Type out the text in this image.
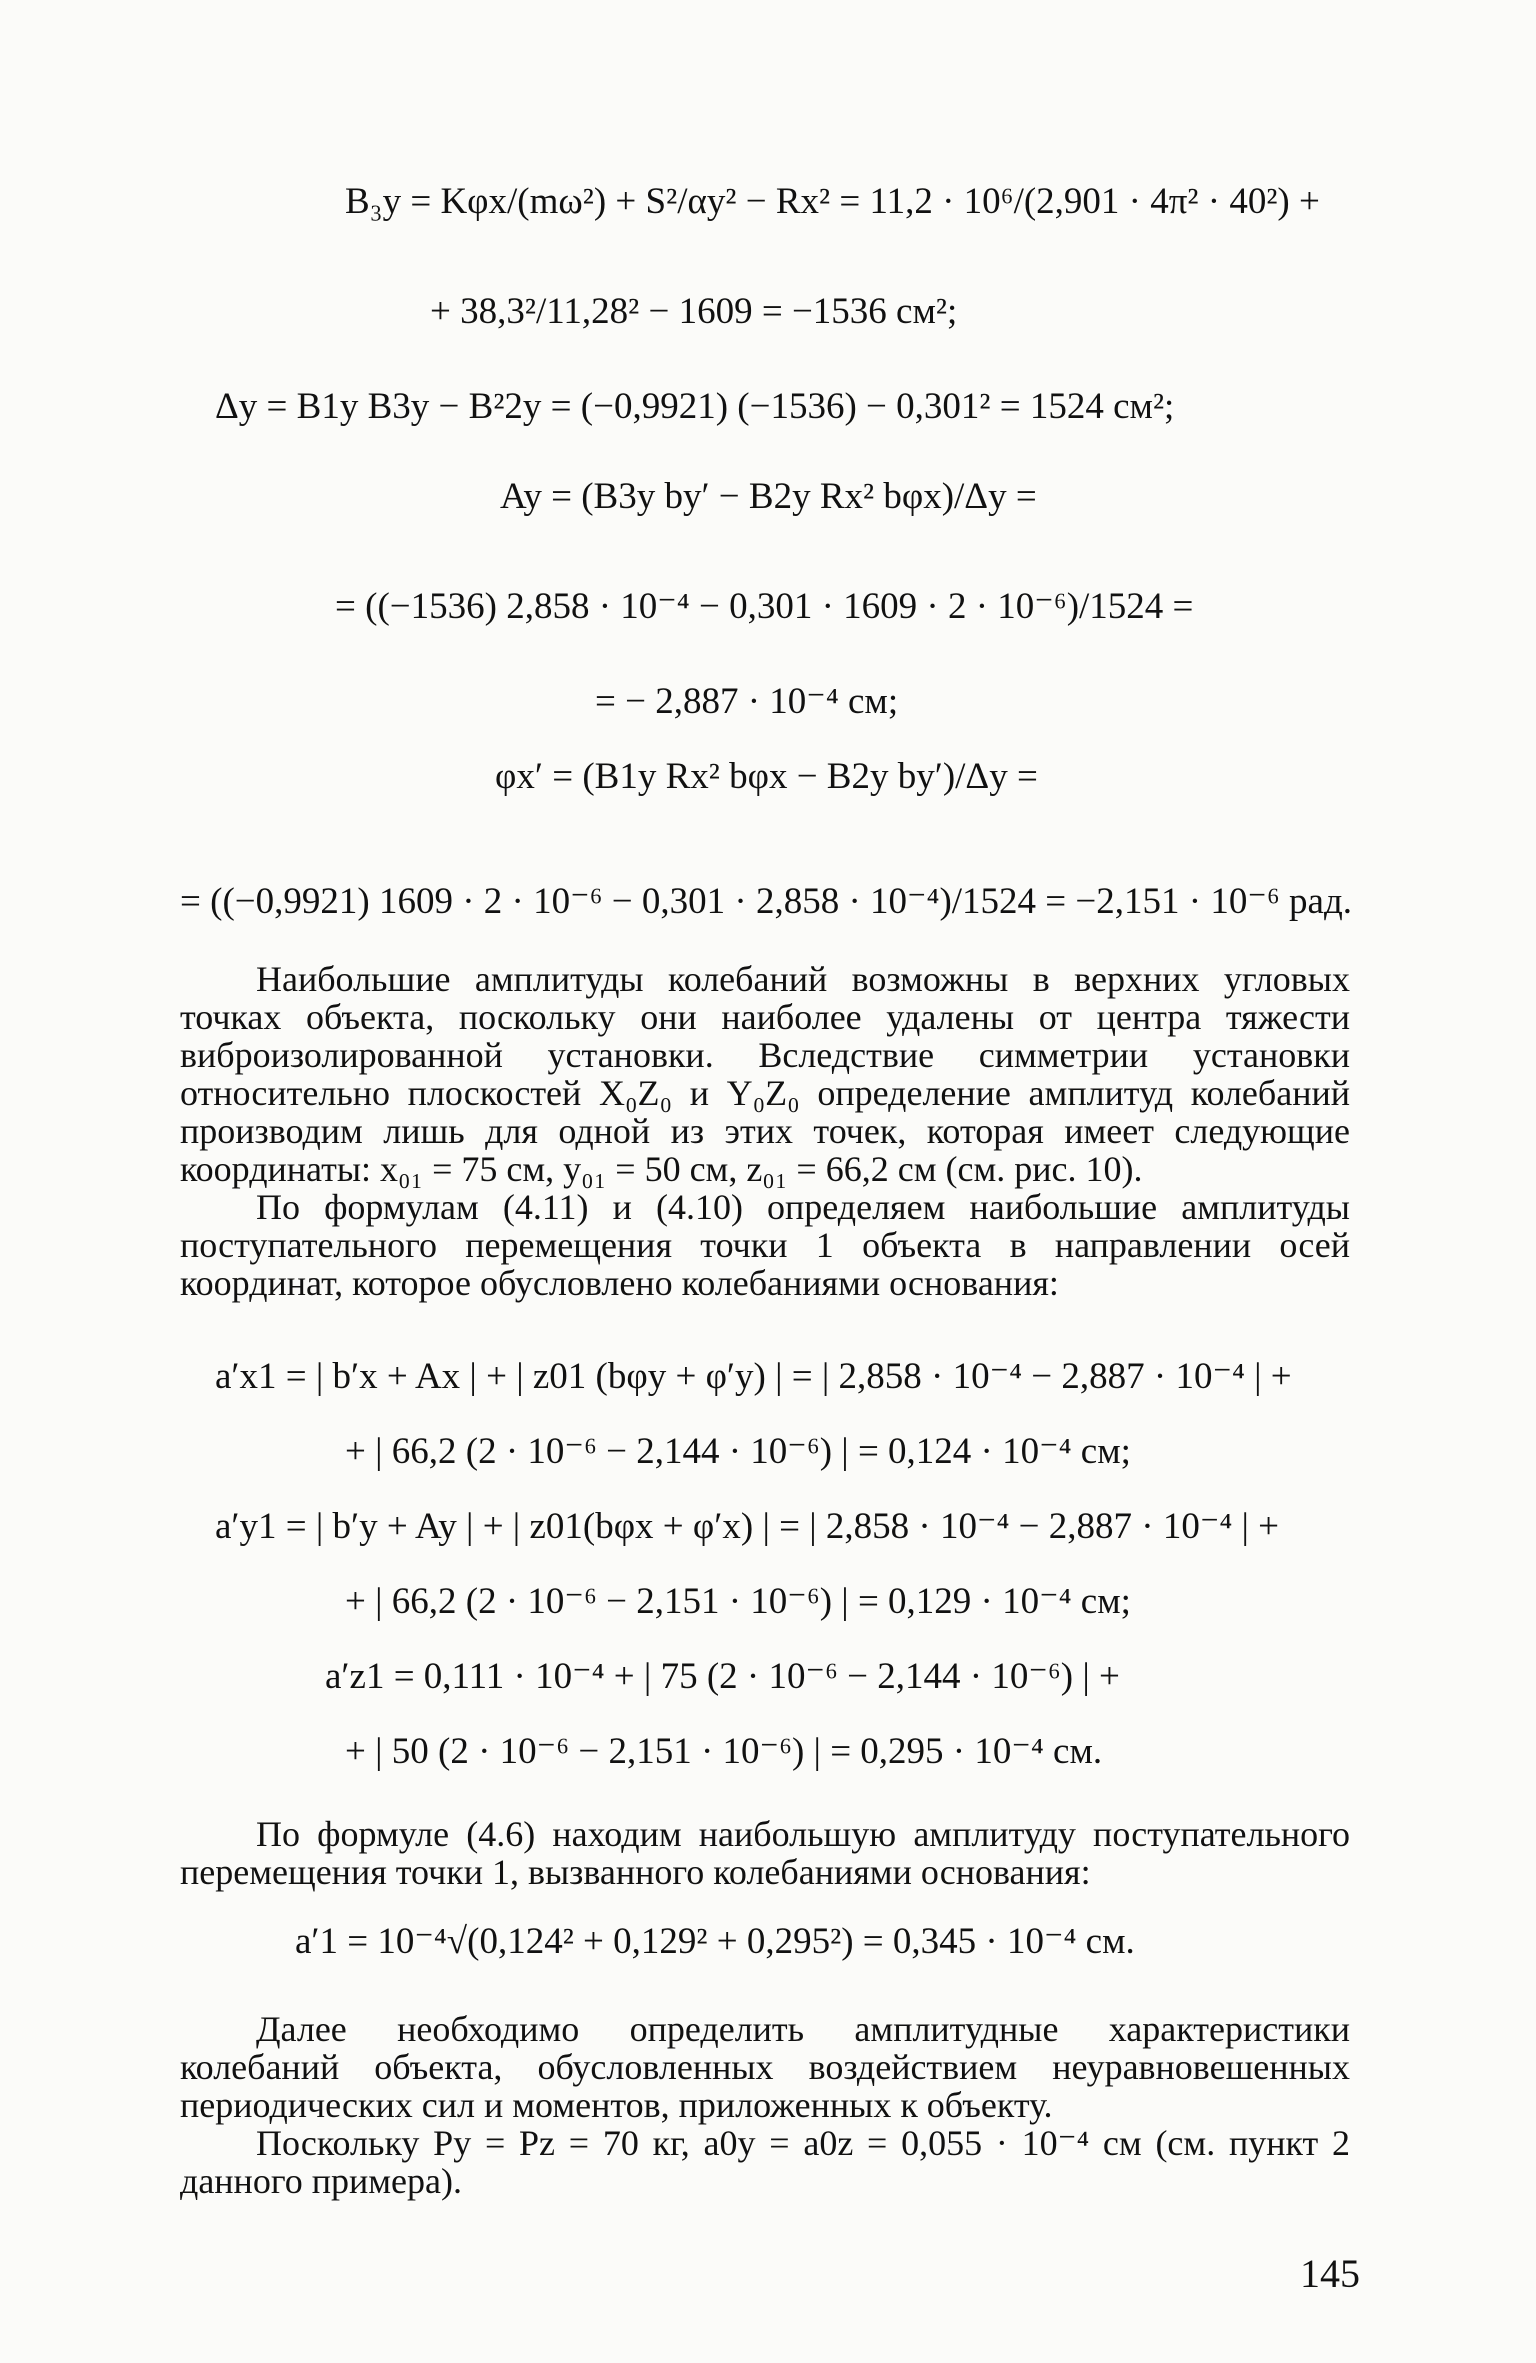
B₃y = Kφx/(mω²) + S²/αy² − Rx² = 11,2 · 10⁶/(2,901 · 4π² · 40²) +
+ 38,3²/11,28² − 1609 = −1536 см²;
Δy = B1y B3y − B²2y = (−0,9921) (−1536) − 0,301² = 1524 см²;
Ay = (B3y by′ − B2y Rx² bφx)/Δy =
= ((−1536) 2,858 · 10⁻⁴ − 0,301 · 1609 · 2 · 10⁻⁶)/1524 =
= − 2,887 · 10⁻⁴ см;
φx′ = (B1y Rx² bφx − B2y by′)/Δy =
= ((−0,9921) 1609 · 2 · 10⁻⁶ − 0,301 · 2,858 · 10⁻⁴)/1524 = −2,151 · 10⁻⁶ рад.

Наибольшие амплитуды колебаний возможны в верхних угловых точках объекта, поскольку они наиболее удалены от центра тяжести виброизолированной установки. Вследствие симметрии установки относительно плоскостей X₀Z₀ и Y₀Z₀ определение амплитуд колебаний производим лишь для одной из этих точек, которая имеет следующие координаты: x₀₁ = 75 см, y₀₁ = 50 см, z₀₁ = 66,2 см (см. рис. 10).

По формулам (4.11) и (4.10) определяем наибольшие амплитуды поступательного перемещения точки 1 объекта в направлении осей координат, которое обусловлено колебаниями основания:

a′x1 = | b′x + Ax | + | z01 (bφy + φ′y) | = | 2,858 · 10⁻⁴ − 2,887 · 10⁻⁴ | +
+ | 66,2 (2 · 10⁻⁶ − 2,144 · 10⁻⁶) | = 0,124 · 10⁻⁴ см;
a′y1 = | b′y + Ay | + | z01(bφx + φ′x) | = | 2,858 · 10⁻⁴ − 2,887 · 10⁻⁴ | +
+ | 66,2 (2 · 10⁻⁶ − 2,151 · 10⁻⁶) | = 0,129 · 10⁻⁴ см;
a′z1 = 0,111 · 10⁻⁴ + | 75 (2 · 10⁻⁶ − 2,144 · 10⁻⁶) | +
+ | 50 (2 · 10⁻⁶ − 2,151 · 10⁻⁶) | = 0,295 · 10⁻⁴ см.

По формуле (4.6) находим наибольшую амплитуду поступательного перемещения точки 1, вызванного колебаниями основания:

a′1 = 10⁻⁴√(0,124² + 0,129² + 0,295²) = 0,345 · 10⁻⁴ см.

Далее необходимо определить амплитудные характеристики колебаний объекта, обусловленных воздействием неуравновешенных периодических сил и моментов, приложенных к объекту.

Поскольку Py = Pz = 70 кг, a0y = a0z = 0,055 · 10⁻⁴ см (см. пункт 2 данного примера).

145
